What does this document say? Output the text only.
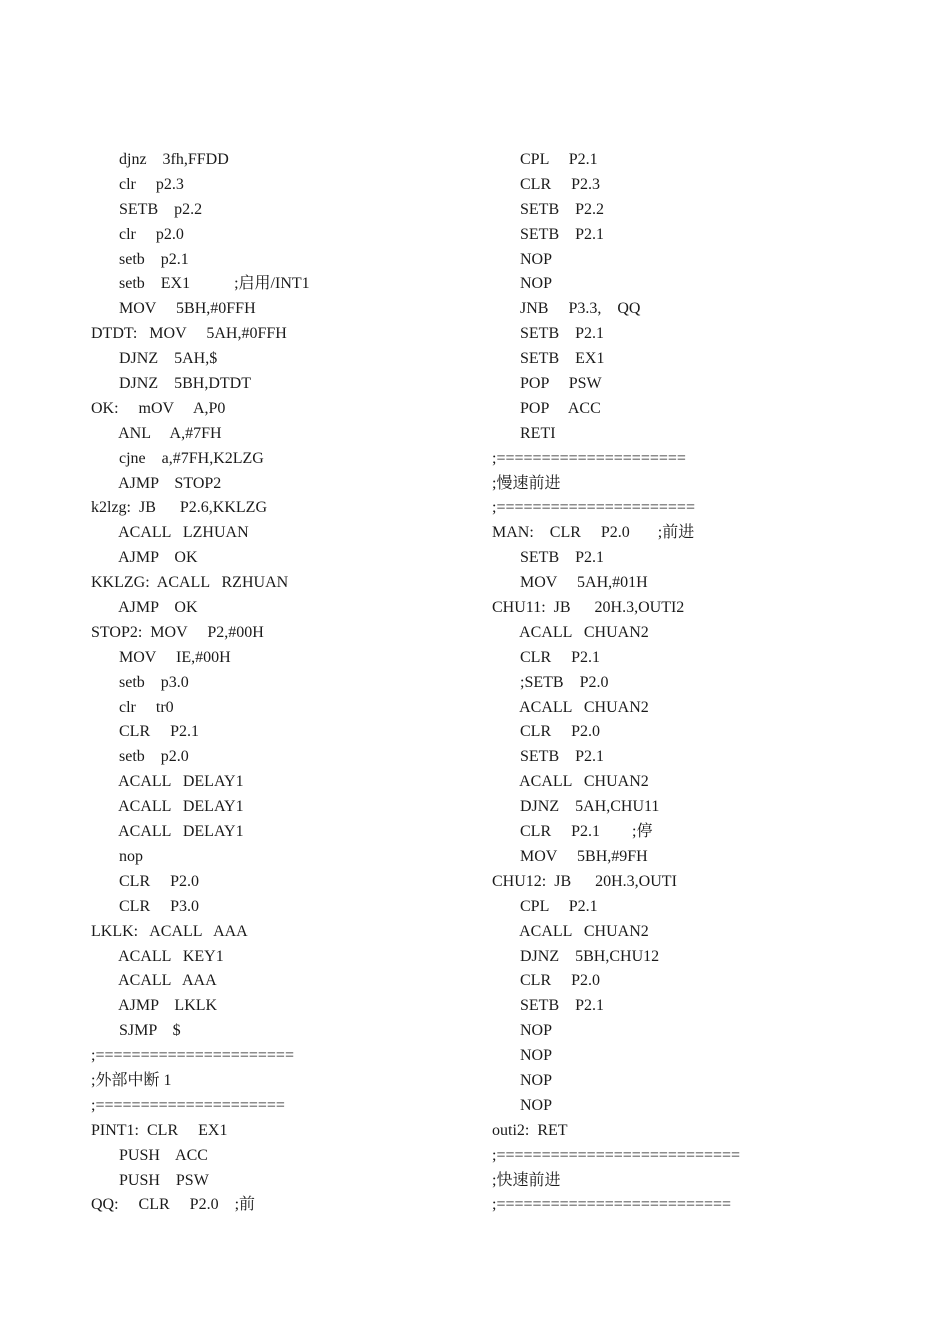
djnz    3fh,FFDD
clr     p2.3
SETB    p2.2
clr     p2.0
setb    p2.1
setb    EX1           ;启用/INT1
MOV     5BH,#0FFH
DTDT:   MOV     5AH,#0FFH
DJNZ    5AH,$
DJNZ    5BH,DTDT
OK:     mOV     A,P0
ANL     A,#7FH
cjne    a,#7FH,K2LZG
AJMP    STOP2
k2lzg:  JB      P2.6,KKLZG
ACALL   LZHUAN
AJMP    OK
KKLZG:  ACALL   RZHUAN
AJMP    OK
STOP2:  MOV     P2,#00H
MOV     IE,#00H
setb    p3.0
clr     tr0
CLR     P2.1
setb    p2.0
ACALL   DELAY1
ACALL   DELAY1
ACALL   DELAY1
nop
CLR     P2.0
CLR     P3.0
LKLK:   ACALL   AAA
ACALL   KEY1
ACALL   AAA
AJMP    LKLK
SJMP    $
;======================
;外部中断 1
;=====================
PINT1:  CLR     EX1
PUSH    ACC
PUSH    PSW
QQ:     CLR     P2.0    ;前
CPL     P2.1
CLR     P2.3
SETB    P2.2
SETB    P2.1
NOP
NOP
JNB     P3.3,    QQ
SETB    P2.1
SETB    EX1
POP     PSW
POP     ACC
RETI
;=====================
;慢速前进
;======================
MAN:    CLR     P2.0       ;前进
SETB    P2.1
MOV     5AH,#01H
CHU11:  JB      20H.3,OUTI2
ACALL   CHUAN2
CLR     P2.1
;SETB    P2.0
ACALL   CHUAN2
CLR     P2.0
SETB    P2.1
ACALL   CHUAN2
DJNZ    5AH,CHU11
CLR     P2.1        ;停
MOV     5BH,#9FH
CHU12:  JB      20H.3,OUTI
CPL     P2.1
ACALL   CHUAN2
DJNZ    5BH,CHU12
CLR     P2.0
SETB    P2.1
NOP
NOP
NOP
NOP
outi2:  RET
;===========================
;快速前进
;==========================
